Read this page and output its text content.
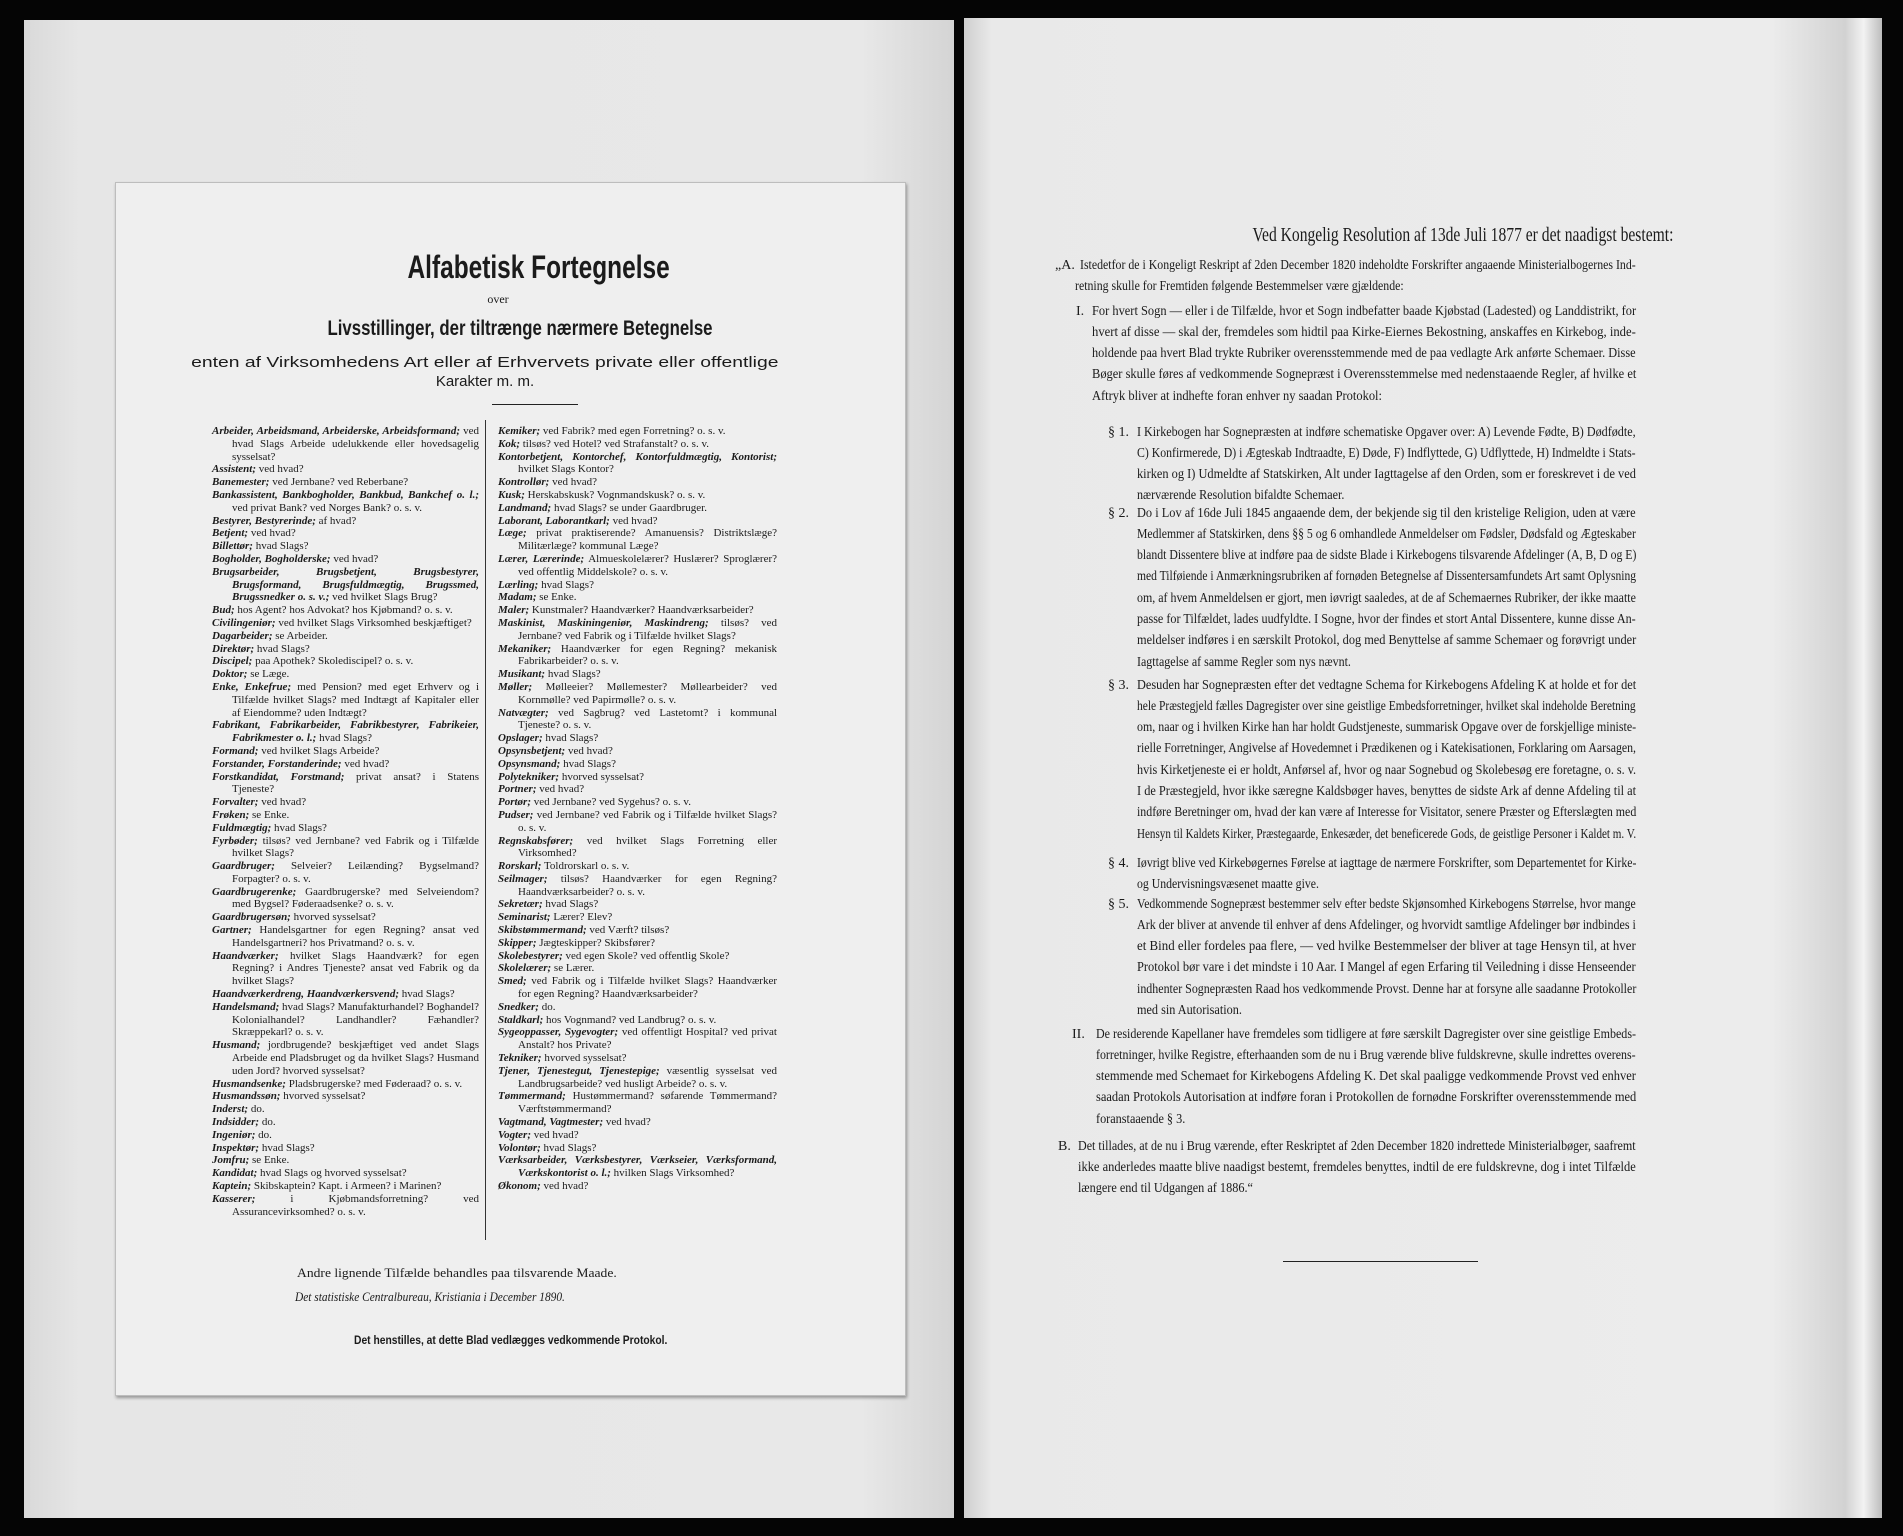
Alfabetisk Fortegnelse
over
Livsstillinger, der tiltrænge nærmere Betegnelse
enten af Virksomhedens Art eller af Erhvervets private eller offentlige
Karakter m. m.
Arbeider, Arbeidsmand, Arbeiderske, Arbeidsformand; ved hvad Slags Arbeide udelukkende eller hovedsagelig sysselsat?
Assistent; ved hvad?
Banemester; ved Jernbane? ved Reberbane?
Bankassistent, Bankbogholder, Bankbud, Bankchef o. l.; ved privat Bank? ved Norges Bank? o. s. v.
Bestyrer, Bestyrerinde; af hvad?
Betjent; ved hvad?
Billettør; hvad Slags?
Bogholder, Bogholderske; ved hvad?
Brugsarbeider, Brugsbetjent, Brugsbestyrer, Brugsformand, Brugsfuldmægtig, Brugssmed, Brugssnedker o. s. v.; ved hvilket Slags Brug?
Bud; hos Agent? hos Advokat? hos Kjøbmand? o. s. v.
Civilingeniør; ved hvilket Slags Virksomhed beskjæftiget?
Dagarbeider; se Arbeider.
Direktør; hvad Slags?
Discipel; paa Apothek? Skolediscipel? o. s. v.
Doktor; se Læge.
Enke, Enkefrue; med Pension? med eget Erhverv og i Tilfælde hvilket Slags? med Indtægt af Kapitaler eller af Eiendomme? uden Indtægt?
Fabrikant, Fabrikarbeider, Fabrikbestyrer, Fabrikeier, Fabrikmester o. l.; hvad Slags?
Formand; ved hvilket Slags Arbeide?
Forstander, Forstanderinde; ved hvad?
Forstkandidat, Forstmand; privat ansat? i Statens Tjeneste?
Forvalter; ved hvad?
Frøken; se Enke.
Fuldmægtig; hvad Slags?
Fyrbøder; tilsøs? ved Jernbane? ved Fabrik og i Tilfælde hvilket Slags?
Gaardbruger; Selveier? Leilænding? Bygselmand? Forpagter? o. s. v.
Gaardbrugerenke; Gaardbrugerske? med Selveiendom? med Bygsel? Føderaadsenke? o. s. v.
Gaardbrugersøn; hvorved sysselsat?
Gartner; Handelsgartner for egen Regning? ansat ved Handelsgartneri? hos Privatmand? o. s. v.
Haandværker; hvilket Slags Haandværk? for egen Regning? i Andres Tjeneste? ansat ved Fabrik og da hvilket Slags?
Haandværkerdreng, Haandværkersvend; hvad Slags?
Handelsmand; hvad Slags? Manufakturhandel? Boghandel? Kolonialhandel? Landhandler? Fæhandler? Skræppekarl? o. s. v.
Husmand; jordbrugende? beskjæftiget ved andet Slags Arbeide end Pladsbruget og da hvilket Slags? Husmand uden Jord? hvorved sysselsat?
Husmandsenke; Pladsbrugerske? med Føderaad? o. s. v.
Husmandssøn; hvorved sysselsat?
Inderst; do.
Indsidder; do.
Ingeniør; do.
Inspektør; hvad Slags?
Jomfru; se Enke.
Kandidat; hvad Slags og hvorved sysselsat?
Kaptein; Skibskaptein? Kapt. i Armeen? i Marinen?
Kasserer;	i Kjøbmandsforretning? ved Assurancevirksomhed? o. s. v.
Kemiker; ved Fabrik? med egen Forretning? o. s. v.
Kok; tilsøs? ved Hotel? ved Strafanstalt? o. s. v.
Kontorbetjent, Kontorchef, Kontorfuldmægtig, Kontorist; hvilket Slags Kontor?
Kontrollør; ved hvad?
Kusk; Herskabskusk? Vognmandskusk? o. s. v.
Landmand; hvad Slags? se under Gaardbruger.
Laborant, Laborantkarl; ved hvad?
Læge; privat praktiserende? Amanuensis? Distriktslæge? Militærlæge? kommunal Læge?
Lærer, Lærerinde; Almueskolelærer? Huslærer? Sproglærer? ved offentlig Middelskole? o. s. v.
Lærling; hvad Slags?
Madam; se Enke.
Maler; Kunstmaler? Haandværker? Haandværksarbeider?
Maskinist, Maskiningeniør, Maskindreng; tilsøs? ved Jernbane? ved Fabrik og i Tilfælde hvilket Slags?
Mekaniker; Haandværker for egen Regning? mekanisk Fabrikarbeider? o. s. v.
Musikant; hvad Slags?
Møller; Mølleeier? Møllemester? Møllearbeider? ved Kornmølle? ved Papirmølle? o. s. v.
Natvægter; ved Sagbrug? ved Lastetomt? i kommunal Tjeneste? o. s. v.
Opslager; hvad Slags?
Opsynsbetjent; ved hvad?
Opsynsmand; hvad Slags?
Polytekniker; hvorved sysselsat?
Portner; ved hvad?
Portør; ved Jernbane? ved Sygehus? o. s. v.
Pudser; ved Jernbane? ved Fabrik og i Tilfælde hvilket Slags? o. s. v.
Regnskabsfører; ved hvilket Slags Forretning eller Virksomhed?
Rorskarl; Toldrorskarl o. s. v.
Seilmager; tilsøs? Haandværker for egen Regning? Haandværksarbeider? o. s. v.
Sekretær; hvad Slags?
Seminarist; Lærer? Elev?
Skibstømmermand; ved Værft? tilsøs?
Skipper; Jægteskipper? Skibsfører?
Skolebestyrer; ved egen Skole? ved offentlig Skole?
Skolelærer; se Lærer.
Smed; ved Fabrik og i Tilfælde hvilket Slags? Haandværker for egen Regning? Haandværksarbeider?
Snedker; do.
Staldkarl; hos Vognmand? ved Landbrug? o. s. v.
Sygeoppasser, Sygevogter; ved offentligt Hospital? ved privat Anstalt? hos Private?
Tekniker; hvorved sysselsat?
Tjener, Tjenestegut, Tjenestepige; væsentlig sysselsat ved Landbrugsarbeide? ved husligt Arbeide? o. s. v.
Tømmermand; Hustømmermand? søfarende Tømmermand? Værftstømmermand?
Vagtmand, Vagtmester; ved hvad?
Vogter; ved hvad?
Volontør; hvad Slags?
Værksarbeider, Værksbestyrer, Værkseier, Værksformand, Værkskontorist o. l.; hvilken Slags Virksomhed?
Økonom; ved hvad?
Andre lignende Tilfælde behandles paa tilsvarende Maade.
Det statistiske Centralbureau, Kristiania i December 1890.
Det henstilles, at dette Blad vedlægges vedkommende Protokol.
Ved Kongelig Resolution af 13de Juli 1877 er det naadigst bestemt:
„A. Istedetfor de i Kongeligt Reskript af 2den December 1820 indeholdte Forskrifter angaaende Ministerialbogernes Ind-
retning skulle for Fremtiden følgende Bestemmelser være gjældende:
I. For hvert Sogn — eller i de Tilfælde, hvor et Sogn indbefatter baade Kjøbstad (Ladested) og Landdistrikt, for
hvert af disse — skal der, fremdeles som hidtil paa Kirke-Eiernes Bekostning, anskaffes en Kirkebog, inde-
holdende paa hvert Blad trykte Rubriker overensstemmende med de paa vedlagte Ark anførte Schemaer. Disse
Bøger skulle føres af vedkommende Sognepræst i Overensstemmelse med nedenstaaende Regler, af hvilke et
Aftryk bliver at indhefte foran enhver ny saadan Protokol:
§ 1. I Kirkebogen har Sognepræsten at indføre schematiske Opgaver over: A) Levende Fødte, B) Dødfødte,
C) Konfirmerede, D) i Ægteskab Indtraadte, E) Døde, F) Indflyttede, G) Udflyttede, H) Indmeldte i Stats-
kirken og I) Udmeldte af Statskirken, Alt under Iagttagelse af den Orden, som er foreskrevet i de ved
nærværende Resolution bifaldte Schemaer.
§ 2. Do i Lov af 16de Juli 1845 angaaende dem, der bekjende sig til den kristelige Religion, uden at være
Medlemmer af Statskirken, dens §§ 5 og 6 omhandlede Anmeldelser om Fødsler, Dødsfald og Ægteskaber
blandt Dissentere blive at indføre paa de sidste Blade i Kirkebogens tilsvarende Afdelinger (A, B, D og E)
med Tilføiende i Anmærkningsrubriken af fornøden Betegnelse af Dissentersamfundets Art samt Oplysning
om, af hvem Anmeldelsen er gjort, men iøvrigt saaledes, at de af Schemaernes Rubriker, der ikke maatte
passe for Tilfældet, lades uudfyldte. I Sogne, hvor der findes et stort Antal Dissentere, kunne disse An-
meldelser indføres i en særskilt Protokol, dog med Benyttelse af samme Schemaer og forøvrigt under
Iagttagelse af samme Regler som nys nævnt.
§ 3. Desuden har Sognepræsten efter det vedtagne Schema for Kirkebogens Afdeling K at holde et for det
hele Præstegjeld fælles Dagregister over sine geistlige Embedsforretninger, hvilket skal indeholde Beretning
om, naar og i hvilken Kirke han har holdt Gudstjeneste, summarisk Opgave over de forskjellige ministe-
rielle Forretninger, Angivelse af Hovedemnet i Prædikenen og i Katekisationen, Forklaring om Aarsagen,
hvis Kirketjeneste ei er holdt, Anførsel af, hvor og naar Sognebud og Skolebesøg ere foretagne, o. s. v.
I de Præstegjeld, hvor ikke særegne Kaldsbøger haves, benyttes de sidste Ark af denne Afdeling til at
indføre Beretninger om, hvad der kan være af Interesse for Visitator, senere Præster og Efterslægten med
Hensyn til Kaldets Kirker, Præstegaarde, Enkesæder, det beneficerede Gods, de geistlige Personer i Kaldet m. V.
§ 4. Iøvrigt blive ved Kirkebøgernes Førelse at iagttage de nærmere Forskrifter, som Departementet for Kirke-
og Undervisningsvæsenet maatte give.
§ 5. Vedkommende Sognepræst bestemmer selv efter bedste Skjønsomhed Kirkebogens Størrelse, hvor mange
Ark der bliver at anvende til enhver af dens Afdelinger, og hvorvidt samtlige Afdelinger bør indbindes i
et Bind eller fordeles paa flere, — ved hvilke Bestemmelser der bliver at tage Hensyn til, at hver
Protokol bør vare i det mindste i 10 Aar. I Mangel af egen Erfaring til Veiledning i disse Henseender
indhenter Sognepræsten Raad hos vedkommende Provst. Denne har at forsyne alle saadanne Protokoller
med sin Autorisation.
II. De residerende Kapellaner have fremdeles som tidligere at føre særskilt Dagregister over sine geistlige Embeds-
forretninger, hvilke Registre, efterhaanden som de nu i Brug værende blive fuldskrevne, skulle indrettes overens-
stemmende med Schemaet for Kirkebogens Afdeling K. Det skal paaligge vedkommende Provst ved enhver
saadan Protokols Autorisation at indføre foran i Protokollen de fornødne Forskrifter overensstemmende med
foranstaaende § 3.
B. Det tillades, at de nu i Brug værende, efter Reskriptet af 2den December 1820 indrettede Ministerialbøger, saafremt
ikke anderledes maatte blive naadigst bestemt, fremdeles benyttes, indtil de ere fuldskrevne, dog i intet Tilfælde
længere end til Udgangen af 1886.“
